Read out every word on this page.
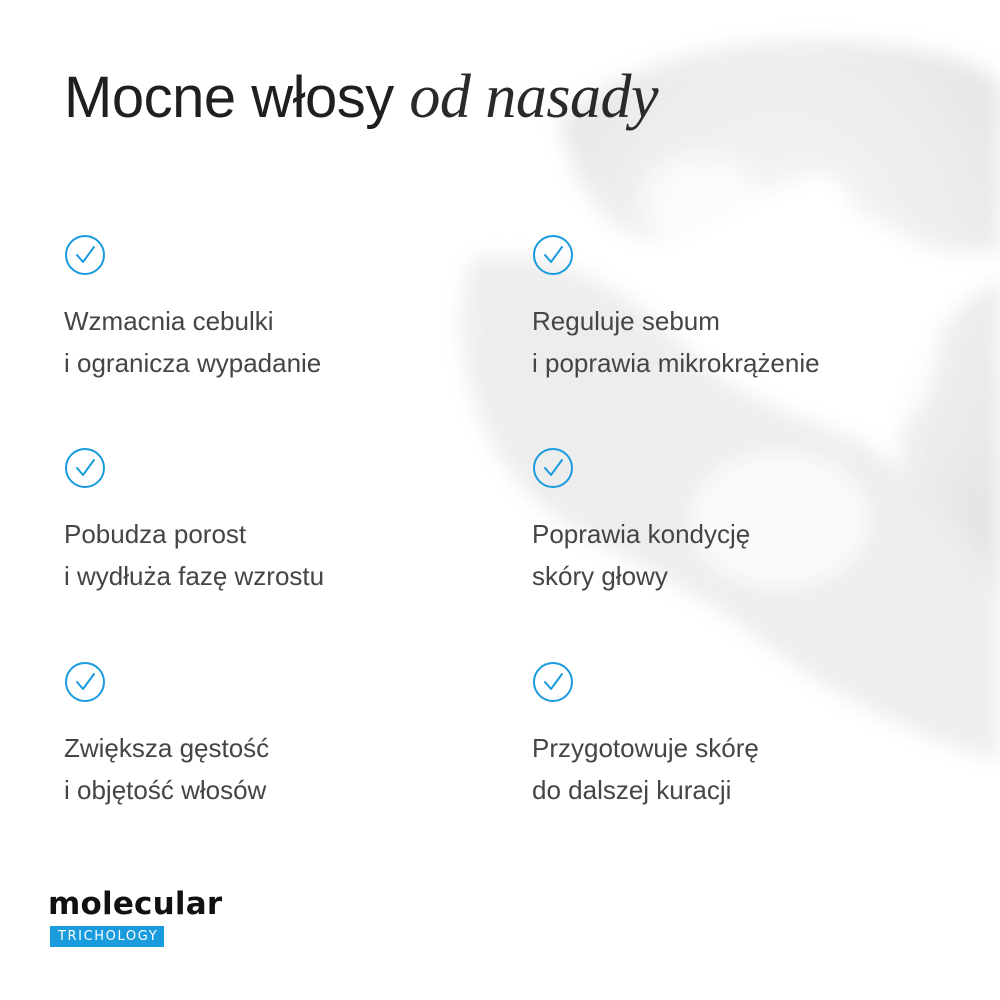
Mocne włosy od nasady
Wzmacnia cebulki
i ogranicza wypadanie
Reguluje sebum
i poprawia mikrokrążenie
Pobudza porost
i wydłuża fazę wzrostu
Poprawia kondycję
skóry głowy
Zwiększa gęstość
i objętość włosów
Przygotowuje skórę
do dalszej kuracji
molecular
TRICHOLOGY
